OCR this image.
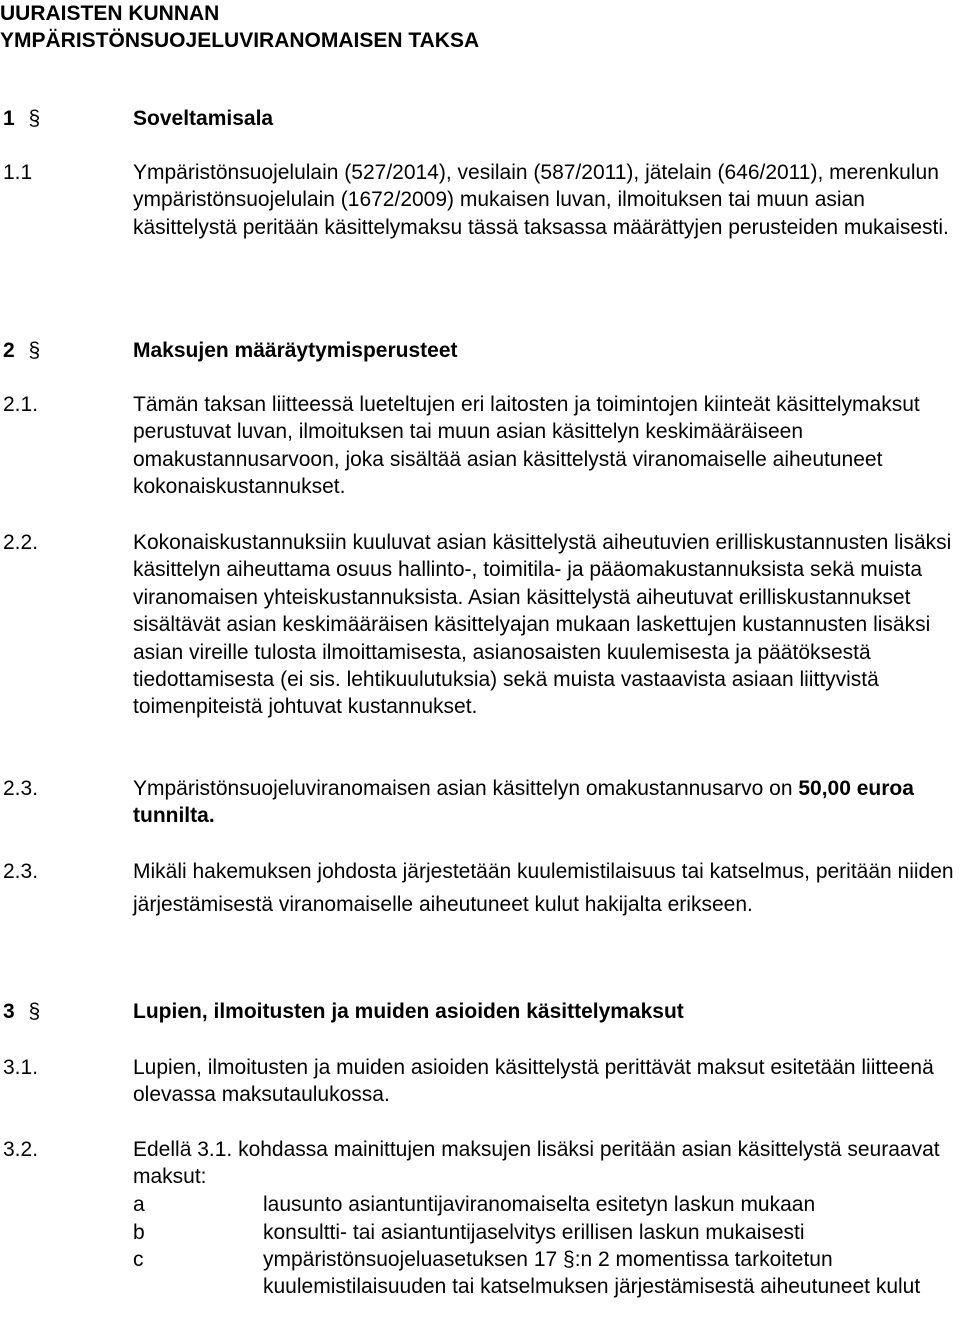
UURAISTEN KUNNAN
YMPÄRISTÖNSUOJELUVIRANOMAISEN TAKSA
1 §	Soveltamisala
1.1	Ympäristönsuojelulain (527/2014), vesilain (587/2011), jätelain (646/2011), merenkulun ympäristönsuojelulain (1672/2009) mukaisen luvan, ilmoituksen tai muun asian käsittelystä peritään käsittelymaksu tässä taksassa määrättyjen perusteiden mukaisesti.

2 §	Maksujen määräytymisperusteet
2.1.	Tämän taksan liitteessä lueteltujen eri laitosten ja toimintojen kiinteät käsittelymaksut perustuvat luvan, ilmoituksen tai muun asian käsittelyn keskimääräiseen omakustannusarvoon, joka sisältää asian käsittelystä viranomaiselle aiheutuneet kokonaiskustannukset.

2.2.	Kokonaiskustannuksiin kuuluvat asian käsittelystä aiheutuvien erilliskustannusten lisäksi käsittelyn aiheuttama osuus hallinto-, toimitila- ja pääomakustannuksista sekä muista viranomaisen yhteiskustannuksista. Asian käsittelystä aiheutuvat erilliskustannukset sisältävät asian keskimääräisen käsittelyajan mukaan laskettujen kustannusten lisäksi asian vireille tulosta ilmoittamisesta, asianosaisten kuulemisesta ja päätöksestä tiedottamisesta (ei sis. lehtikuulutuksia) sekä muista vastaavista asiaan liittyvistä toimenpiteistä johtuvat kustannukset.

2.3.	Ympäristönsuojeluviranomaisen asian käsittelyn omakustannusarvo on 50,00 euroa tunnilta.

2.3.	Mikäli hakemuksen johdosta järjestetään kuulemistilaisuus tai katselmus, peritään niiden järjestämisestä viranomaiselle aiheutuneet kulut hakijalta erikseen.

3 §	Lupien, ilmoitusten ja muiden asioiden käsittelymaksut
3.1.	Lupien, ilmoitusten ja muiden asioiden käsittelystä perittävät maksut esitetään liitteenä olevassa maksutaulukossa.

3.2.	Edellä 3.1. kohdassa mainittujen maksujen lisäksi peritään asian käsittelystä seuraavat maksut:

a	lausunto asiantuntijaviranomaiselta esitetyn laskun mukaan
b	konsultti- tai asiantuntijaselvitys erillisen laskun mukaisesti
c	ympäristönsuojeluasetuksen 17 §:n 2 momentissa tarkoitetun kuulemistilaisuuden tai katselmuksen järjestämisestä aiheutuneet kulut
